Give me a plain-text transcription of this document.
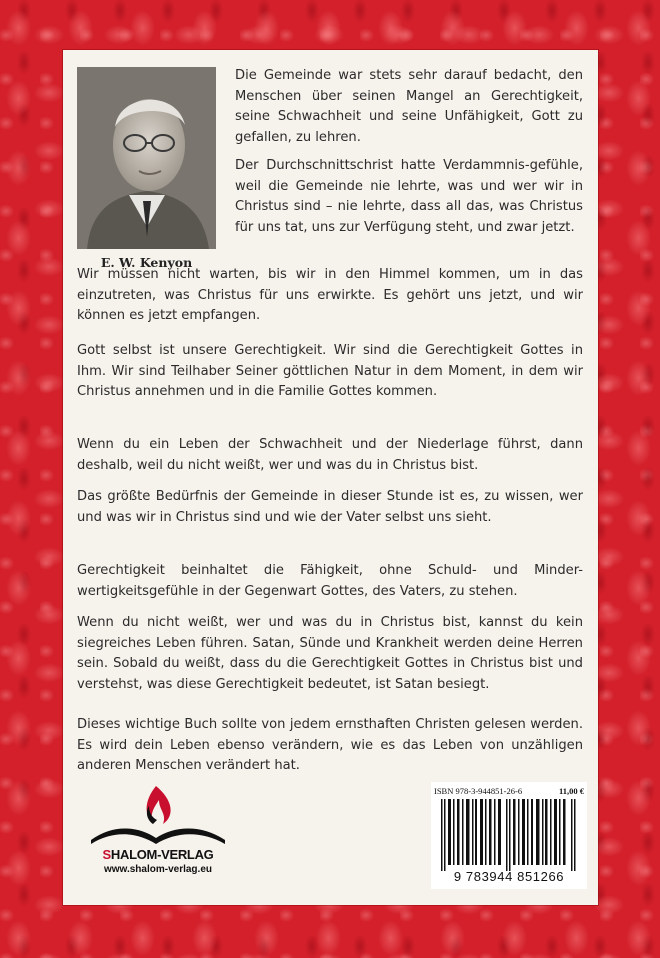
E. W. Kenyon

Die Gemeinde war stets sehr darauf bedacht, den Menschen über seinen Mangel an Gerechtigkeit, seine Schwachheit und seine Unfähigkeit, Gott zu gefallen, zu lehren.

Der Durchschnittschrist hatte Verdammnis-gefühle, weil die Gemeinde nie lehrte, was und wer wir in Christus sind – nie lehrte, dass all das, was Christus für uns tat, uns zur Verfügung steht, und zwar jetzt.

Wir müssen nicht warten, bis wir in den Himmel kommen, um in das einzutreten, was Christus für uns erwirkte. Es gehört uns jetzt, und wir können es jetzt empfangen.

Gott selbst ist unsere Gerechtigkeit. Wir sind die Gerechtigkeit Gottes in Ihm. Wir sind Teilhaber Seiner göttlichen Natur in dem Moment, in dem wir Christus annehmen und in die Familie Gottes kommen.

Wenn du ein Leben der Schwachheit und der Niederlage führst, dann deshalb, weil du nicht weißt, wer und was du in Christus bist.

Das größte Bedürfnis der Gemeinde in dieser Stunde ist es, zu wissen, wer und was wir in Christus sind und wie der Vater selbst uns sieht.

Gerechtigkeit beinhaltet die Fähigkeit, ohne Schuld- und Minder-wertigkeitsgefühle in der Gegenwart Gottes, des Vaters, zu stehen.

Wenn du nicht weißt, wer und was du in Christus bist, kannst du kein siegreiches Leben führen. Satan, Sünde und Krankheit werden deine Herren sein. Sobald du weißt, dass du die Gerechtigkeit Gottes in Christus bist und verstehst, was diese Gerechtigkeit bedeutet, ist Satan besiegt.

Dieses wichtige Buch sollte von jedem ernsthaften Christen gelesen werden. Es wird dein Leben ebenso verändern, wie es das Leben von unzähligen anderen Menschen verändert hat.

SHALOM-VERLAG
www.shalom-verlag.eu
ISBN 978-3-944851-26-6	11,00 €
9 783944 851266
